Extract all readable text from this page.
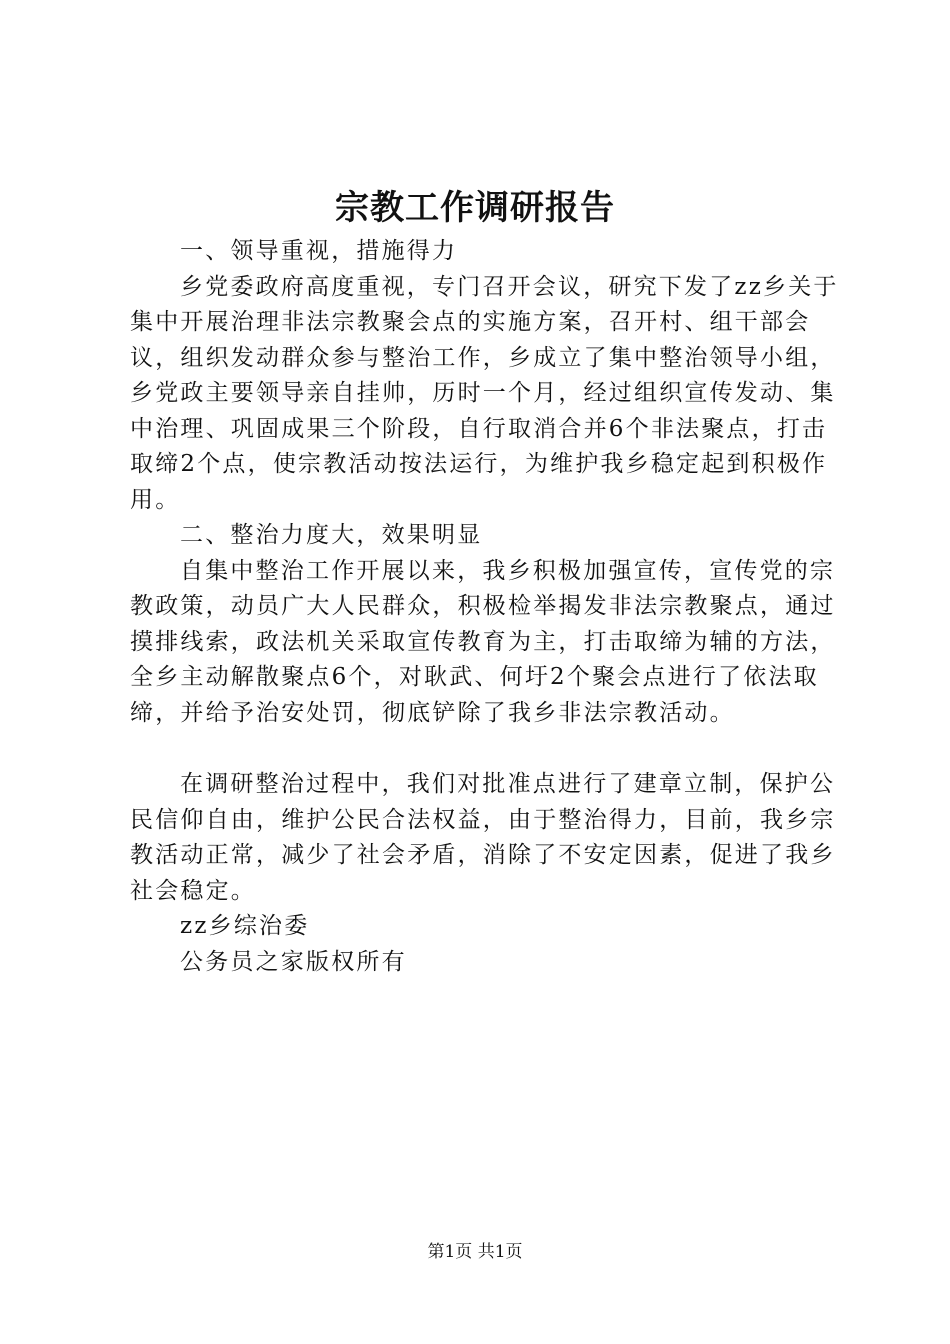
宗教工作调研报告

一、领导重视，措施得力

乡党委政府高度重视，专门召开会议，研究下发了zz乡关于集中开展治理非法宗教聚会点的实施方案，召开村、组干部会议，组织发动群众参与整治工作，乡成立了集中整治领导小组，乡党政主要领导亲自挂帅，历时一个月，经过组织宣传发动、集中治理、巩固成果三个阶段，自行取消合并6个非法聚点，打击取缔2个点，使宗教活动按法运行，为维护我乡稳定起到积极作用。

二、整治力度大，效果明显

自集中整治工作开展以来，我乡积极加强宣传，宣传党的宗教政策，动员广大人民群众，积极检举揭发非法宗教聚点，通过摸排线索，政法机关采取宣传教育为主，打击取缔为辅的方法，全乡主动解散聚点6个，对耿武、何圩2个聚会点进行了依法取缔，并给予治安处罚，彻底铲除了我乡非法宗教活动。

在调研整治过程中，我们对批准点进行了建章立制，保护公民信仰自由，维护公民合法权益，由于整治得力，目前，我乡宗教活动正常，减少了社会矛盾，消除了不安定因素，促进了我乡社会稳定。

zz乡综治委

公务员之家版权所有

第1页 共1页
